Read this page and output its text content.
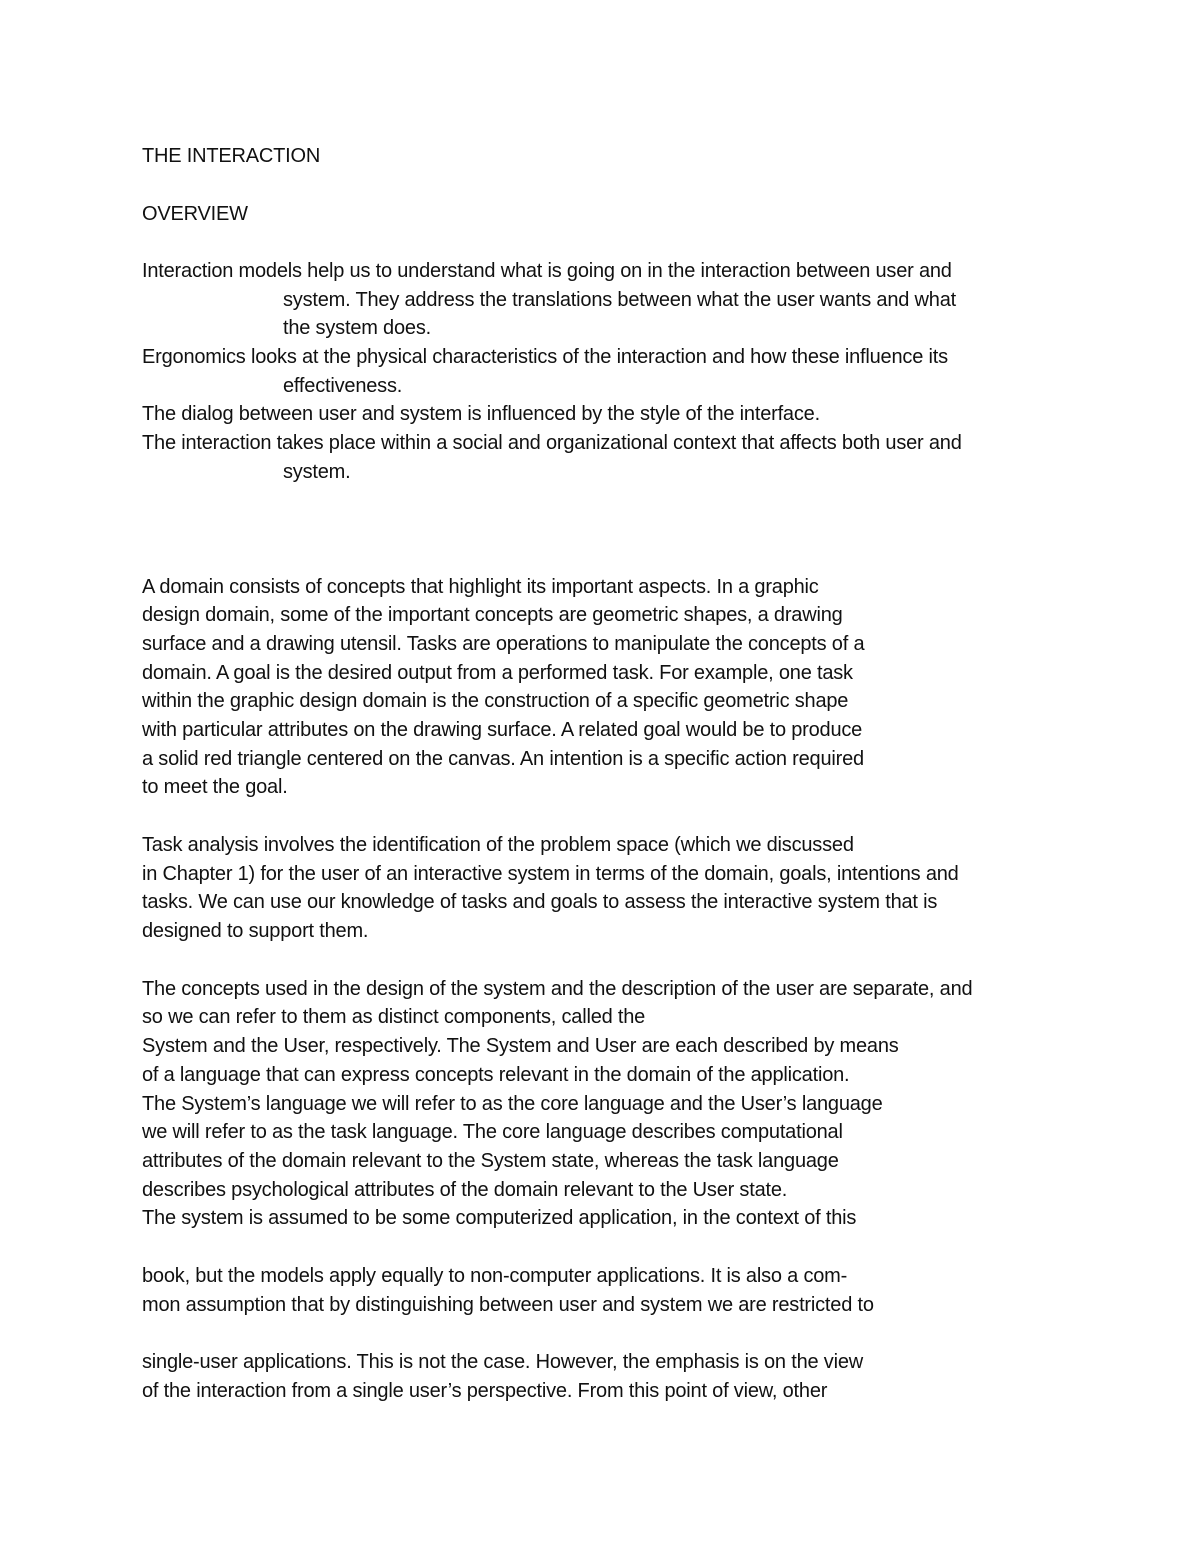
THE INTERACTION
OVERVIEW
Interaction models help us to understand what is going on in the interaction between user and
system. They address the translations between what the user wants and what
the system does.
Ergonomics looks at the physical characteristics of the interaction and how these influence its
effectiveness.
The dialog between user and system is influenced by the style of the interface.
The interaction takes place within a social and organizational context that affects both user and
system.
A domain consists of concepts that highlight its important aspects. In a graphic
design domain, some of the important concepts are geometric shapes, a drawing
surface and a drawing utensil. Tasks are operations to manipulate the concepts of a
domain. A goal is the desired output from a performed task. For example, one task
within the graphic design domain is the construction of a specific geometric shape
with particular attributes on the drawing surface. A related goal would be to produce
a solid red triangle centered on the canvas. An intention is a specific action required
to meet the goal.
Task analysis involves the identification of the problem space (which we discussed
in Chapter 1) for the user of an interactive system in terms of the domain, goals, intentions and
tasks. We can use our knowledge of tasks and goals to assess the interactive system that is
designed to support them.
The concepts used in the design of the system and the description of the user are separate, and
so we can refer to them as distinct components, called the
System and the User, respectively. The System and User are each described by means
of a language that can express concepts relevant in the domain of the application.
The System’s language we will refer to as the core language and the User’s language
we will refer to as the task language. The core language describes computational
attributes of the domain relevant to the System state, whereas the task language
describes psychological attributes of the domain relevant to the User state.
The system is assumed to be some computerized application, in the context of this
book, but the models apply equally to non-computer applications. It is also a com-
mon assumption that by distinguishing between user and system we are restricted to
single-user applications. This is not the case. However, the emphasis is on the view
of the interaction from a single user’s perspective. From this point of view, other
